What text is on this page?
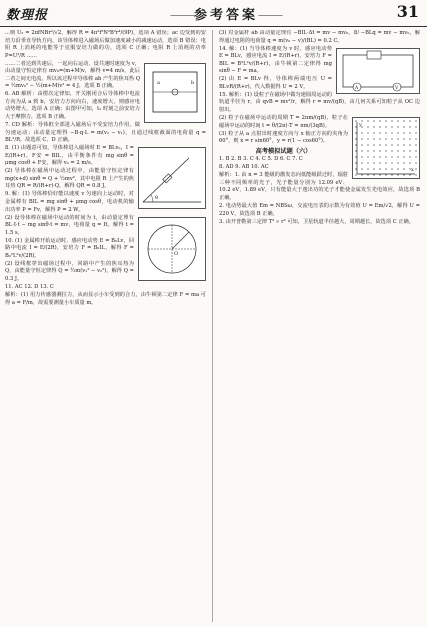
数理报
———	参考答案 ———	31

...则 U₂ = 2πfNBr²/√2，解得 R = 4π²f²N²B²r⁴/(9P)，选项 A 错误；ac 边受到的安培力沿垂直导轨方向，该导体棒进入磁场后做加速度减小的减速运动，选项 B 错误；电阻 R 上消耗的电能等于克服安培力做的功，选项 C 正确；电阻 R 上消耗的功率 P=U²/R ……

a	b

……二者达到共速后，一起向右运动，设共速时速度为 v，由动量守恒定律有 mv₀=(m+M)v，解得 v=4 m/s，此后二者之间无电流，所以该过程中导体棒 ab 产生的焦耳热 Q = ½mv₀² − ½(m+M)v² = 4 J，选项 B 正确。

6. AB 解析：由楞次定律知，开关刚闭合后导体棒中电流方向为从 a 到 b，安培力方向向右，速度增大，则感应电动势增大，选项 A 正确；由图甲可知，t₁ 时刻之前安培力大于摩擦力，选项 B 正确。

7. CD 解析：导体框全部进入磁场后不受安培力作用，做匀速运动；由动量定理得 −B·q·L = m(v₂ − v₁)，且通过线框截面的电荷量 q = BL²/R，故选项 C、D 正确。

θ

8. (1) 由题意可知，导体棒进入磁场时 E = BLv₀，I = E/(R+r)，F安 = BIL，由平衡条件有 mg sinθ = μmg cosθ + F安，解得 v₀ = 2 m/s。

(2) 导体棒在磁场中运动过程中，由能量守恒定律有 mg(x+d) sinθ = Q + ½mv²，其中电阻 R 上产生的焦耳热 QR = R/(R+r)·Q，解得 QR = 0.8 J。

9. 解：(1) 导体棒恰好能以速度 v 匀速向上运动时，对金属棒有 BIL = mg sinθ + μmg cosθ，电动机的输出功率 P = Fv，解得 P = 2 W。

O

(2) 设导体棒在磁场中运动的时间为 t，由动量定理有 BL·I·t − mg sinθ·t = mv，电荷量 q = It，解得 t = 1.5 s。

10. (1) 金属棒开始运动时，感应电动势 E = B₀Lv，回路中电流 I = E/(2R)，安培力 F = B₀IL，解得 F = B₀²L²v/(2R)。

(2) 设线框穿出磁场过程中，回路中产生的焦耳热为 Q，由能量守恒定律得 Q = ½m(v₁² − v₂²)，解得 Q = 0.3 J。

11. AC 12. D 13. C

解析：(1) 用力传感器测拉力，从而显示小车受到的合力，由牛顿第二定律 F = ma 可得 a = F/m，故需要测量小车质量 m。

(3) 对金属杆 ab 由动量定理有 −BIL·Δt = mv − mv₀，即 −BLq = mv − mv₀，解得通过电阻的电荷量 q = m(v₀ − v)/(BL) = 0.2 C。

A	V

14. 解：(1) 当导体棒速度为 v 时，感应电动势 E = BLv，感应电流 I = E/(R+r)，安培力 F = BIL = B²L²v/(R+r)，由牛顿第二定律得 mg sinθ − F = ma。

(2) 由 E = BLv 得，导体棒两端电压 U = BLvR/(R+r)，代入数据得 U = 2 V。

15. 解析：(1) 设粒子在磁场中做匀速圆周运动的轨道半径为 r，由 qvB = mv²/r，解得 r = mv/(qB)，由几何关系可知粒子从 OC 边射出。

y
x

(2) 粒子在磁场中运动的周期 T = 2πm/(qB)，粒子在磁场中运动的时间 t = θ/(2π)·T = πm/(3qB)。

(3) 粒子从 a 点射出时速度方向与 x 轴正方向的夹角为 60°，则 x = r sin60°，y = r(1 − cos60°)。

高考模拟试题（六）

1. B 2. B 3. C 4. C 5. D 6. C 7. C

8. AD 9. AB 10. AC

解析：1. 由 n = 3 能级的激发态向低能级跃迁时，辐射三种不同频率的光子，光子能量分别为 12.09 eV、10.2 eV、1.89 eV，只有能量大于逸出功的光子才能使金属发生光电效应，故选项 B 正确。

2. 电动势最大值 Em = NBSω，交流电压表的示数为有效值 U = Em/√2，解得 U = 220 V，故选项 B 正确。

3. 由开普勒第三定律 T² ∝ r³ 可知，卫星轨道半径越大，周期越长，故选项 C 正确。
